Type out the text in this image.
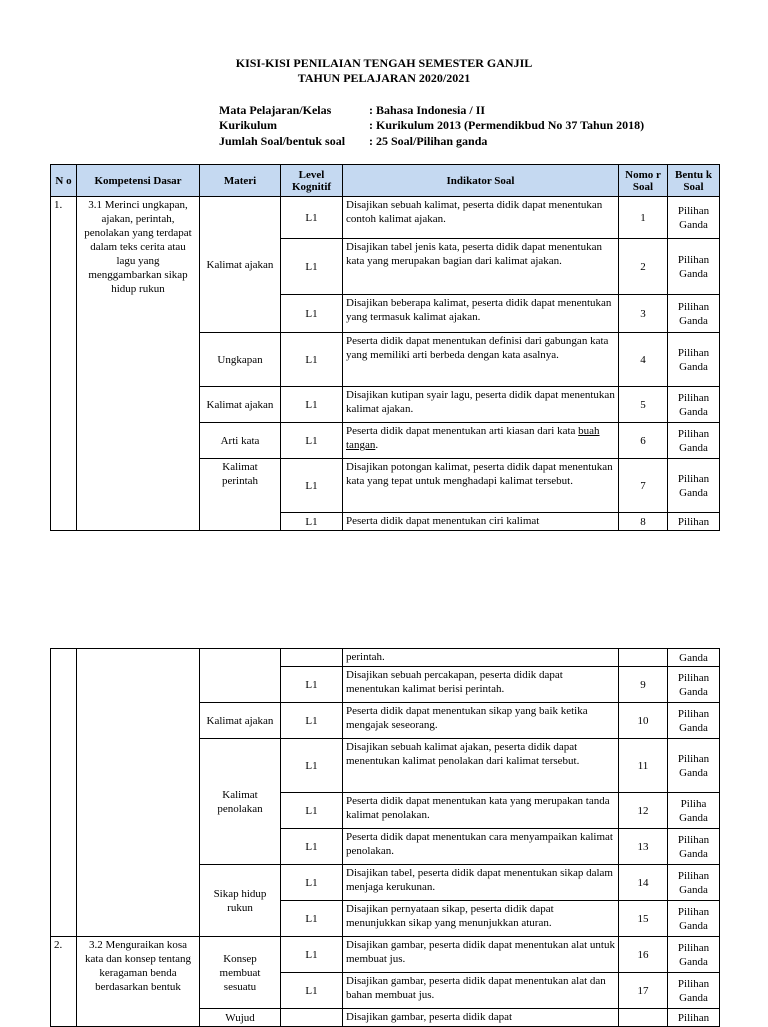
KISI-KISI PENILAIAN TENGAH SEMESTER GANJIL
TAHUN PELAJARAN 2020/2021
Mata Pelajaran/Kelas	: Bahasa Indonesia / II
Kurikulum	: Kurikulum 2013 (Permendikbud No 37 Tahun 2018)
Jumlah Soal/bentuk soal : 25 Soal/Pilihan ganda
N o	Kompetensi Dasar	Materi	Level Kognitif	Indikator Soal	Nomo r Soal	Bentu k Soal
1.	3.1 Merinci ungkapan, ajakan, perintah, penolakan yang terdapat dalam teks cerita atau lagu yang menggambarkan sikap hidup rukun	Kalimat ajakan	L1	Disajikan sebuah kalimat, peserta didik dapat menentukan contoh kalimat ajakan.	1	Pilihan Ganda
			L1	Disajikan tabel jenis kata, peserta didik dapat menentukan kata yang merupakan bagian dari kalimat ajakan.	2	Pilihan Ganda
			L1	Disajikan beberapa kalimat, peserta didik dapat menentukan yang termasuk kalimat ajakan.	3	Pilihan Ganda
		Ungkapan	L1	Peserta didik dapat menentukan definisi dari gabungan kata yang memiliki arti berbeda dengan kata asalnya.	4	Pilihan Ganda
		Kalimat ajakan	L1	Disajikan kutipan syair lagu, peserta didik dapat menentukan kalimat ajakan.	5	Pilihan Ganda
		Arti kata	L1	Peserta didik dapat menentukan arti kiasan dari kata buah tangan.	6	Pilihan Ganda
		Kalimat perintah	L1	Disajikan potongan kalimat, peserta didik dapat menentukan kata yang tepat untuk menghadapi kalimat tersebut.	7	Pilihan Ganda
			L1	Peserta didik dapat menentukan ciri kalimat	8	Pilihan
				perintah.		Ganda
			L1	Disajikan sebuah percakapan, peserta didik dapat menentukan kalimat berisi perintah.	9	Pilihan Ganda
		Kalimat ajakan	L1	Peserta didik dapat menentukan sikap yang baik ketika mengajak seseorang.	10	Pilihan Ganda
		Kalimat penolakan	L1	Disajikan sebuah kalimat ajakan, peserta didik dapat menentukan kalimat penolakan dari kalimat tersebut.	11	Pilihan Ganda
			L1	Peserta didik dapat menentukan kata yang merupakan tanda kalimat penolakan.	12	Piliha Ganda
			L1	Peserta didik dapat menentukan cara menyampaikan kalimat penolakan.	13	Pilihan Ganda
		Sikap hidup rukun	L1	Disajikan tabel, peserta didik dapat menentukan sikap dalam menjaga kerukunan.	14	Pilihan Ganda
			L1	Disajikan pernyataan sikap, peserta didik dapat menunjukkan sikap yang menunjukkan aturan.	15	Pilihan Ganda
2.	3.2 Menguraikan kosa kata dan konsep tentang keragaman benda berdasarkan bentuk	Konsep membuat sesuatu	L1	Disajikan gambar, peserta didik dapat menentukan alat untuk membuat jus.	16	Pilihan Ganda
			L1	Disajikan gambar, peserta didik dapat menentukan alat dan bahan membuat jus.	17	Pilihan Ganda
		Wujud		Disajikan gambar, peserta didik dapat		Pilihan
